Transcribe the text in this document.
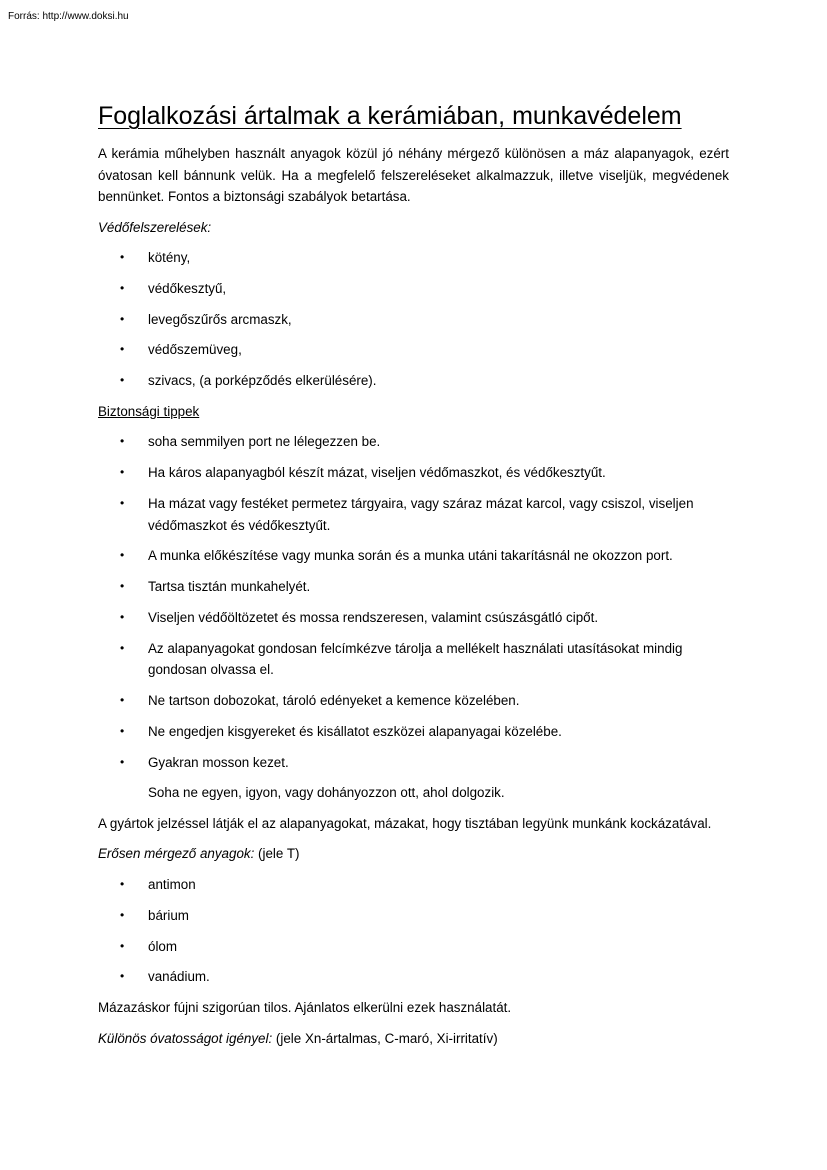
Forrás: http://www.doksi.hu
Foglalkozási ártalmak a kerámiában, munkavédelem

A kerámia műhelyben használt anyagok közül jó néhány mérgező különösen a máz alapanyagok, ezért óvatosan kell bánnunk velük. Ha a megfelelő felszereléseket alkalmazzuk, illetve viseljük, megvédenek bennünket. Fontos a biztonsági szabályok betartása.

Védőfelszerelések:

• kötény,
• védőkesztyű,
• levegőszűrős arcmaszk,
• védőszemüveg,
• szivacs, (a porképződés elkerülésére).

Biztonsági tippek

• soha semmilyen port ne lélegezzen be.
• Ha káros alapanyagból készít mázat, viseljen védőmaszkot, és védőkesztyűt.
• Ha mázat vagy festéket permetez tárgyaira, vagy száraz mázat karcol, vagy csiszol, viseljen védőmaszkot és védőkesztyűt.
• A munka előkészítése vagy munka során és a munka utáni takarításnál ne okozzon port.
• Tartsa tisztán munkahelyét.
• Viseljen védőöltözetet és mossa rendszeresen, valamint csúszásgátló cipőt.
• Az alapanyagokat gondosan felcímkézve tárolja a mellékelt használati utasításokat mindig gondosan olvassa el.
• Ne tartson dobozokat, tároló edényeket a kemence közelében.
• Ne engedjen kisgyereket és kisállatot eszközei alapanyagai közelébe.
• Gyakran mosson kezet.

Soha ne egyen, igyon, vagy dohányozzon ott, ahol dolgozik.

A gyártok jelzéssel látják el az alapanyagokat, mázakat, hogy tisztában legyünk munkánk kockázatával.

Erősen mérgező anyagok: (jele T)

• antimon
• bárium
• ólom
• vanádium.

Mázazáskor fújni szigorúan tilos. Ajánlatos elkerülni ezek használatát.

Különös óvatosságot igényel: (jele Xn-ártalmas, C-maró, Xi-irritatív)
